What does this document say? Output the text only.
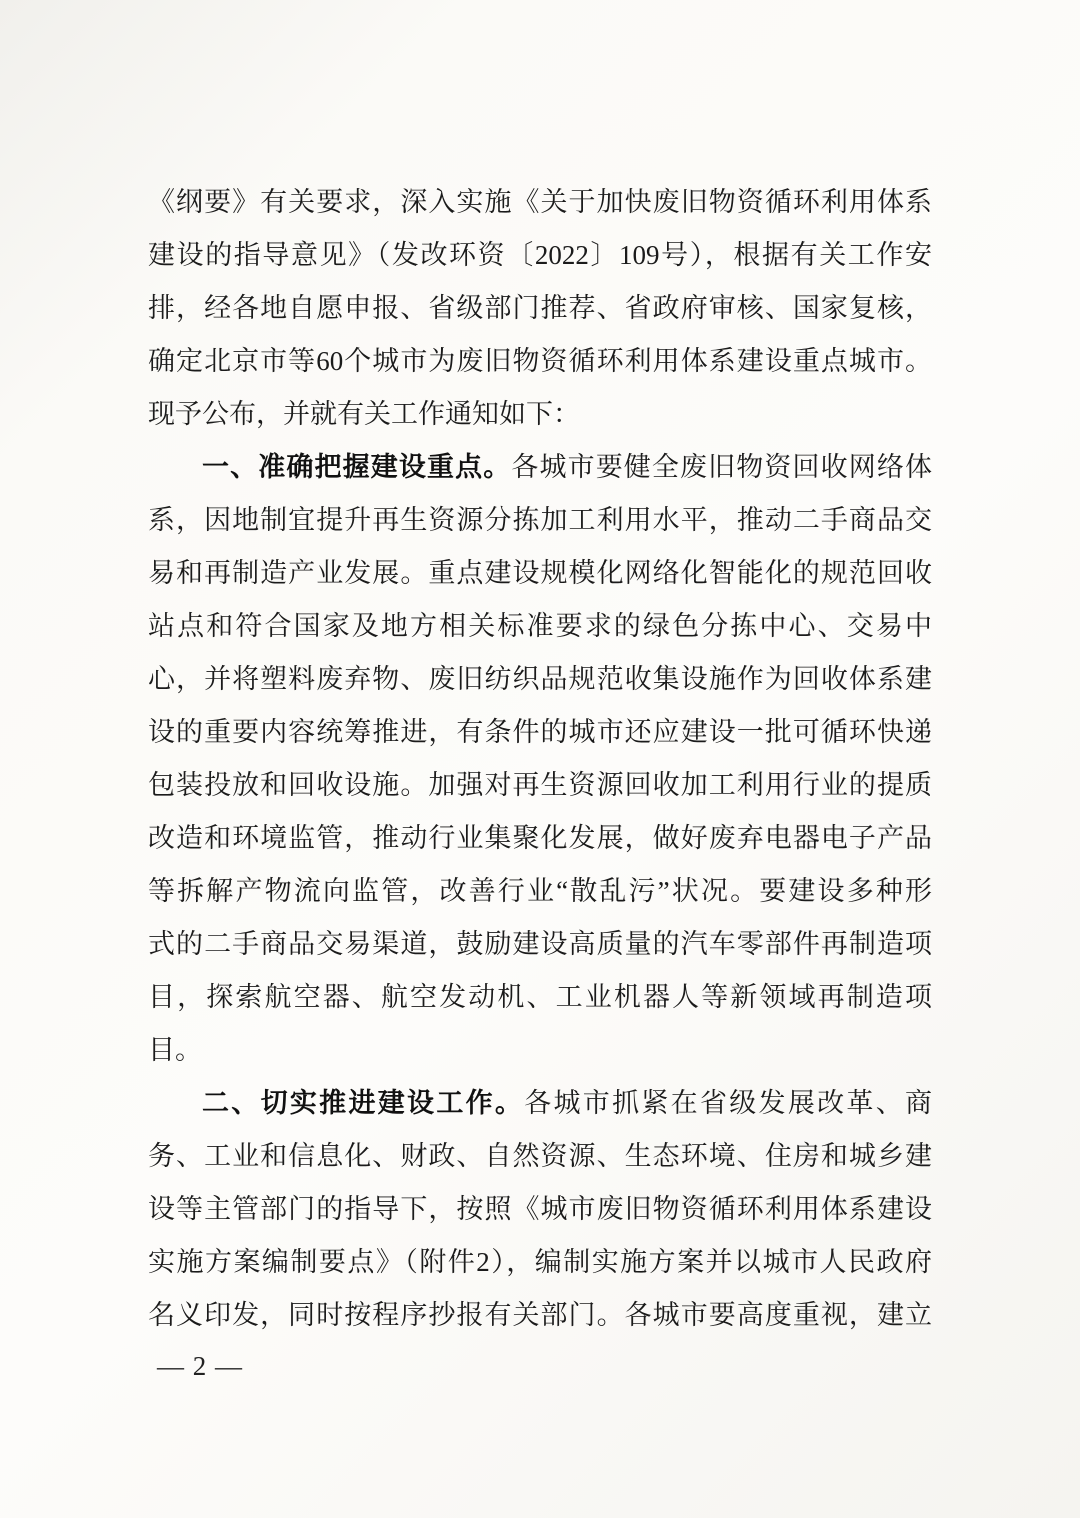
《纲要》有关要求，深入实施《关于加快废旧物资循环利用体系
建设的指导意见》（发改环资〔2022〕109号），根据有关工作安
排，经各地自愿申报、省级部门推荐、省政府审核、国家复核，
确定北京市等60个城市为废旧物资循环利用体系建设重点城市。
现予公布，并就有关工作通知如下：
一、准确把握建设重点。各城市要健全废旧物资回收网络体
系，因地制宜提升再生资源分拣加工利用水平，推动二手商品交
易和再制造产业发展。重点建设规模化网络化智能化的规范回收
站点和符合国家及地方相关标准要求的绿色分拣中心、交易中
心，并将塑料废弃物、废旧纺织品规范收集设施作为回收体系建
设的重要内容统筹推进，有条件的城市还应建设一批可循环快递
包装投放和回收设施。加强对再生资源回收加工利用行业的提质
改造和环境监管，推动行业集聚化发展，做好废弃电器电子产品
等拆解产物流向监管，改善行业“散乱污”状况。要建设多种形
式的二手商品交易渠道，鼓励建设高质量的汽车零部件再制造项
目，探索航空器、航空发动机、工业机器人等新领域再制造项
目。
二、切实推进建设工作。各城市抓紧在省级发展改革、商
务、工业和信息化、财政、自然资源、生态环境、住房和城乡建
设等主管部门的指导下，按照《城市废旧物资循环利用体系建设
实施方案编制要点》（附件2），编制实施方案并以城市人民政府
名义印发，同时按程序抄报有关部门。各城市要高度重视，建立
— 2 —
